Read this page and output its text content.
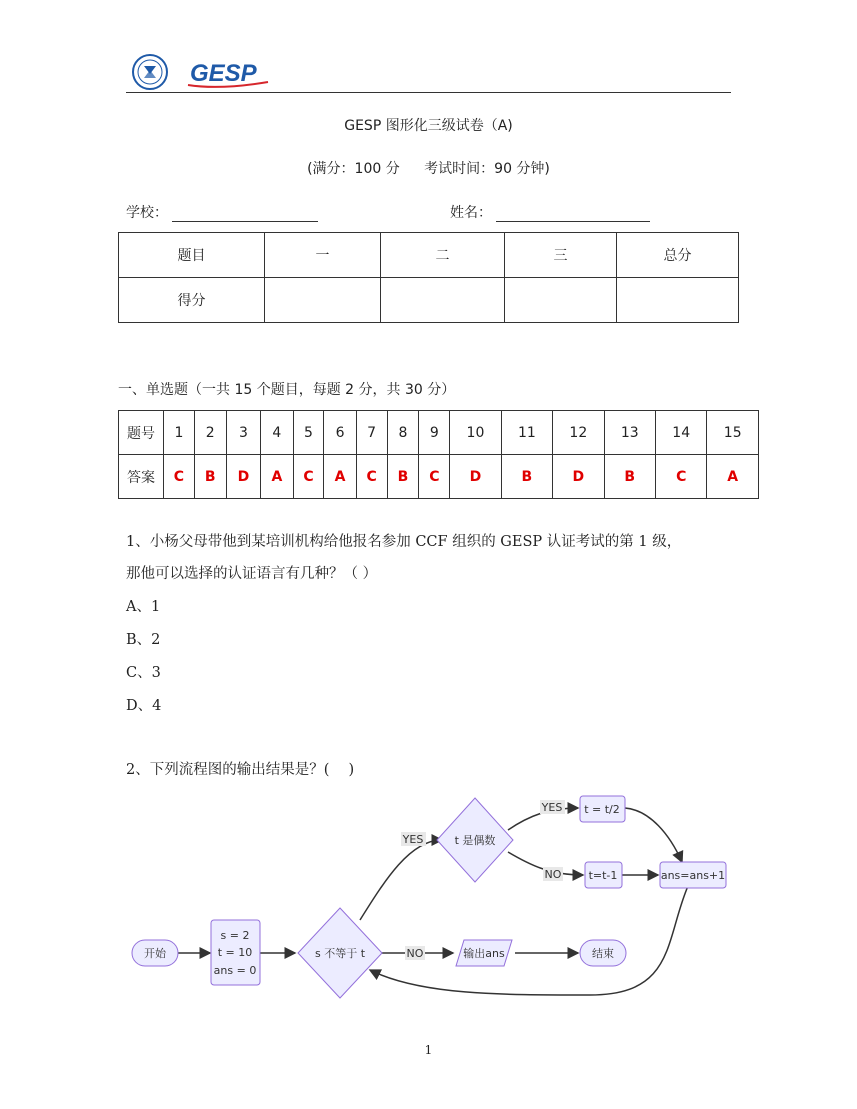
GESP
GESP 图形化三级试卷（A)
(满分：100 分 考试时间：90 分钟)
学校：	姓名：
题目	一	二	三	总分
得分				
一、单选题（一共 15 个题目，每题 2 分，共 30 分）
题号	1	2	3	4	5	6	7	8	9	10	11	12	13	14	15
答案	C	B	D	A	C	A	C	B	C	D	B	D	B	C	A
1、小杨父母带他到某培训机构给他报名参加 CCF 组织的 GESP 认证考试的第 1 级，
那他可以选择的认证语言有几种？（ ）
A、1
B、2
C、3
D、4
2、下列流程图的输出结果是？(　 )
YES
YES
NO
NO
开始
s = 2
t = 10
ans = 0
s 不等于 t
t 是偶数
t = t/2
t=t-1	ans=ans+1
输出ans	结束
1
